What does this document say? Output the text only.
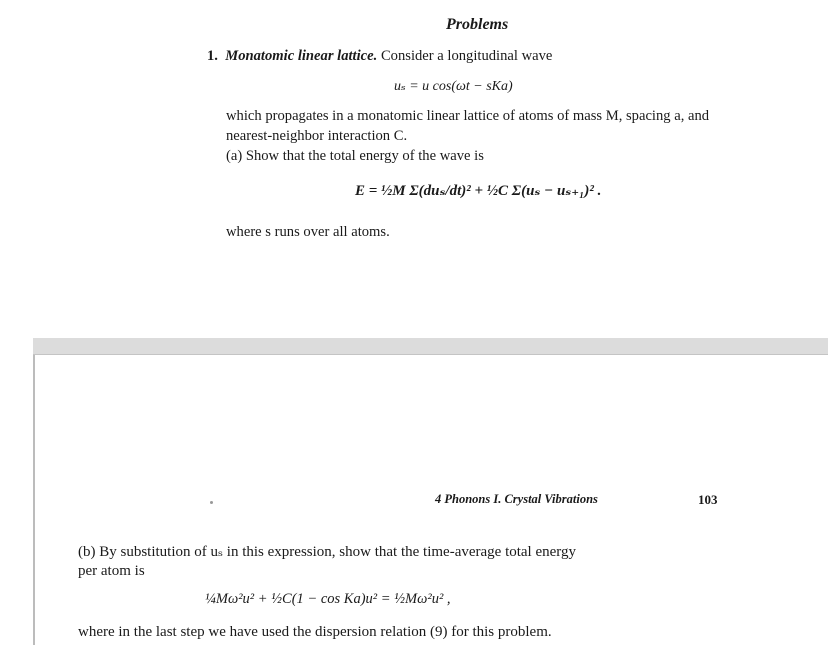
Problems
1. Monatomic linear lattice. Consider a longitudinal wave
uₛ = u cos(ωt − sKa)
which propagates in a monatomic linear lattice of atoms of mass M, spacing a, and
nearest-neighbor interaction C.
(a) Show that the total energy of the wave is
E = ½M Σ(duₛ/dt)² + ½C Σ(uₛ − uₛ₊₁)² .
where s runs over all atoms.
4 Phonons I. Crystal Vibrations	103
(b) By substitution of uₛ in this expression, show that the time-average total energy
per atom is
¼Mω²u² + ½C(1 − cos Ka)u² = ½Mω²u² ,
where in the last step we have used the dispersion relation (9) for this problem.
